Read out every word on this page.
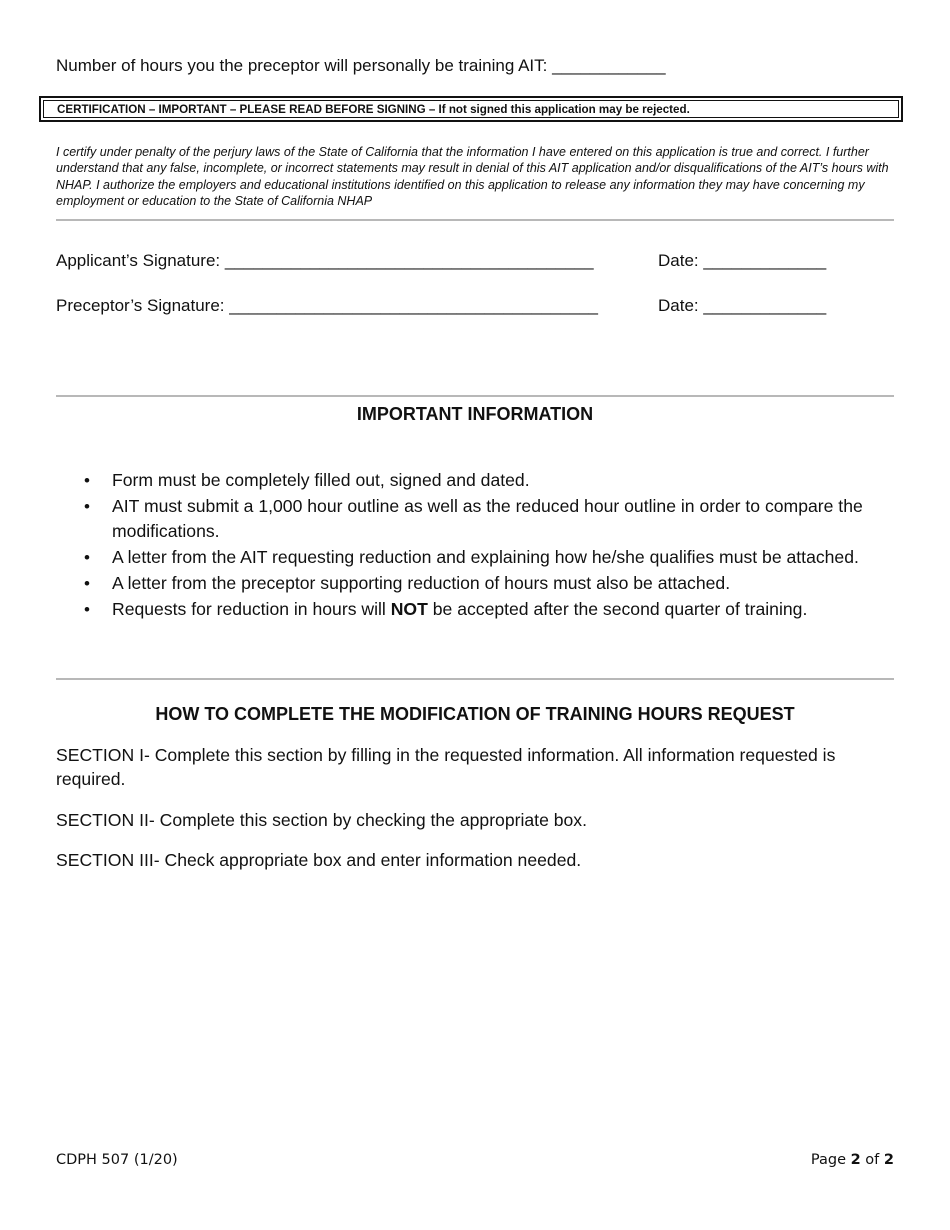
Number of hours you the preceptor will personally be training AIT: ____________
CERTIFICATION – IMPORTANT – PLEASE READ BEFORE SIGNING – If not signed this application may be rejected.
I certify under penalty of the perjury laws of the State of California that the information I have entered on this application is true and correct. I further understand that any false, incomplete, or incorrect statements may result in denial of this AIT application and/or disqualifications of the AIT’s hours with NHAP. I authorize the employers and educational institutions identified on this application to release any information they may have concerning my employment or education to the State of California NHAP
Applicant’s Signature: _______________________________________	Date: _____________
Preceptor’s Signature: _______________________________________	Date: _____________
IMPORTANT INFORMATION
• Form must be completely filled out, signed and dated.
• AIT must submit a 1,000 hour outline as well as the reduced hour outline in order to compare the modifications.
• A letter from the AIT requesting reduction and explaining how he/she qualifies must be attached.
• A letter from the preceptor supporting reduction of hours must also be attached.
• Requests for reduction in hours will NOT be accepted after the second quarter of training.
HOW TO COMPLETE THE MODIFICATION OF TRAINING HOURS REQUEST
SECTION I- Complete this section by filling in the requested information. All information requested is required.
SECTION II- Complete this section by checking the appropriate box.
SECTION III- Check appropriate box and enter information needed.
CDPH 507 (1/20)	Page 2 of 2
